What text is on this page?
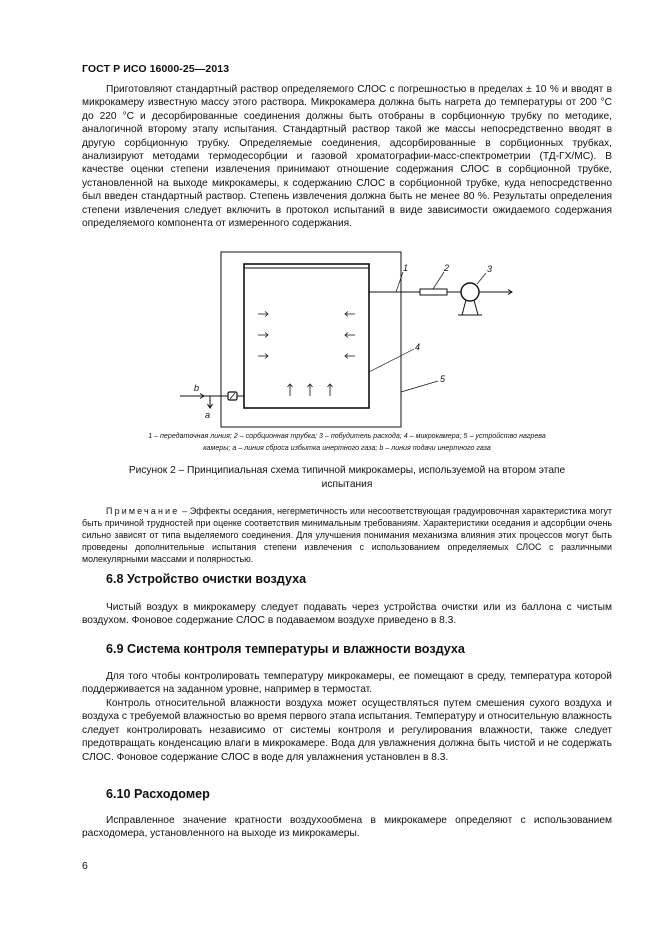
ГОСТ Р ИСО 16000-25—2013

Приготовляют стандартный раствор определяемого СЛОС с погрешностью в пределах ± 10 % и вводят в микрокамеру известную массу этого раствора. Микрокамера должна быть нагрета до температуры от 200 °С до 220 °С и десорбированные соединения должны быть отобраны в сорбционную трубку по методике, аналогичной второму этапу испытания. Стандартный раствор такой же массы непосредственно вводят в другую сорбционную трубку. Определяемые соединения, адсорбированные в сорбционных трубках, анализируют методами термодесорбции и газовой хроматографии-масс-спектрометрии (ТД-ГХ/МС). В качестве оценки степени извлечения принимают отношение содержания СЛОС в сорбционной трубке, установленной на выходе микрокамеры, к содержанию СЛОС в сорбционной трубке, куда непосредственно был введен стандартный раствор. Степень извлечения должна быть не менее 80 %. Результаты определения степени извлечения следует включить в протокол испытаний в виде зависимости ожидаемого содержания определяемого компонента от измеренного содержания.

1	2	3
4
5
b
a

1 – передаточная линия; 2 – сорбционная трубка; 3 – побудитель расхода; 4 – микрокамера; 5 – устройство нагрева

камеры; a – линия сброса избытка инертного газа; b – линия подачи инертного газа

Рисунок 2 – Принципиальная схема типичной микрокамеры, используемой на втором этапе

испытания

Примечание – Эффекты оседания, негерметичность или несоответствующая градуировочная характеристика могут быть причиной трудностей при оценке соответствия минимальным требованиям. Характеристики оседания и адсорбции очень сильно зависят от типа выделяемого соединения. Для улучшения понимания механизма влияния этих процессов могут быть проведены дополнительные испытания степени извлечения с использованием определяемых СЛОС с различными молекулярными массами и полярностью.

6.8 Устройство очистки воздуха

Чистый воздух в микрокамеру следует подавать через устройства очистки или из баллона с чистым воздухом. Фоновое содержание СЛОС в подаваемом воздухе приведено в 8.3.

6.9 Система контроля температуры и влажности воздуха

Для того чтобы контролировать температуру микрокамеры, ее помещают в среду, температура которой поддерживается на заданном уровне, например в термостат.

Контроль относительной влажности воздуха может осуществляться путем смешения сухого воздуха и воздуха с требуемой влажностью во время первого этапа испытания. Температуру и относительную влажность следует контролировать независимо от системы контроля и регулирования влажности, также следует предотвращать конденсацию влаги в микрокамере. Вода для увлажнения должна быть чистой и не содержать СЛОС. Фоновое содержание СЛОС в воде для увлажнения установлен в 8.3.

6.10 Расходомер

Исправленное значение кратности воздухообмена в микрокамере определяют с использованием расходомера, установленного на выходе из микрокамеры.

6
